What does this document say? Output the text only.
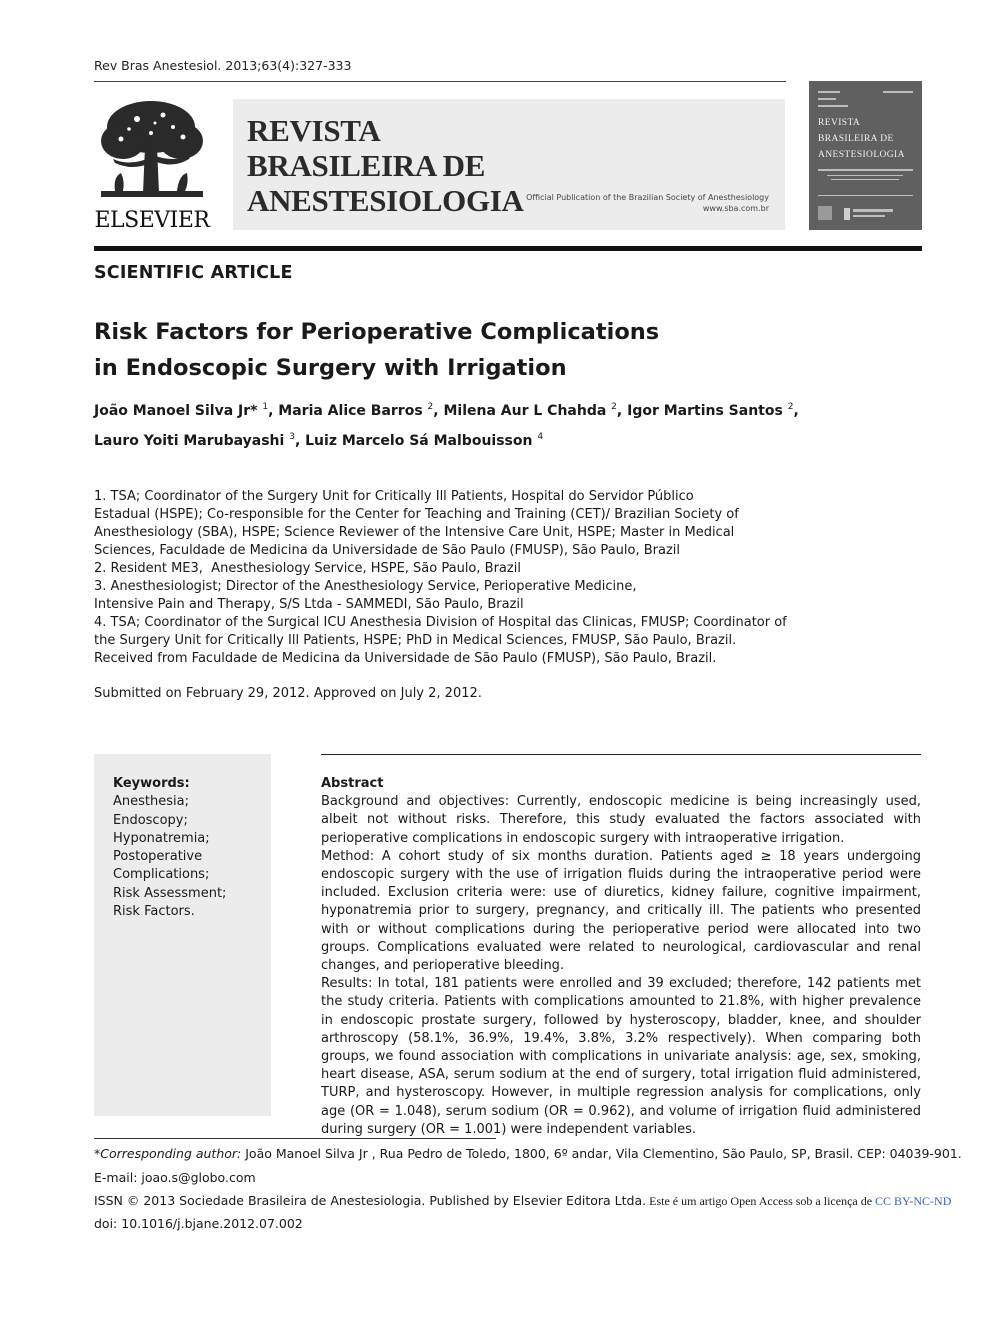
Rev Bras Anestesiol. 2013;63(4):327-333
ELSEVIER
REVISTA
BRASILEIRA DE
ANESTESIOLOGIA Official Publication of the Brazilian Society of Anesthesiology
www.sba.com.br
REVISTA
BRASILEIRA DE
ANESTESIOLOGIA
SCIENTIFIC ARTICLE
Risk Factors for Perioperative Complications
in Endoscopic Surgery with Irrigation
João Manoel Silva Jr* $^1$, Maria Alice Barros $^2$, Milena Aur L Chahda $^2$, Igor Martins Santos $^2$,
Lauro Yoiti Marubayashi $^3$, Luiz Marcelo Sá Malbouisson $^4$
1. TSA; Coordinator of the Surgery Unit for Critically Ill Patients, Hospital do Servidor Público
Estadual (HSPE); Co-responsible for the Center for Teaching and Training (CET)/ Brazilian Society of
Anesthesiology (SBA), HSPE; Science Reviewer of the Intensive Care Unit, HSPE; Master in Medical
Sciences, Faculdade de Medicina da Universidade de São Paulo (FMUSP), São Paulo, Brazil
2. Resident ME3,  Anesthesiology Service, HSPE, São Paulo, Brazil
3. Anesthesiologist; Director of the Anesthesiology Service, Perioperative Medicine,
Intensive Pain and Therapy, S/S Ltda - SAMMEDI, São Paulo, Brazil
4. TSA; Coordinator of the Surgical ICU Anesthesia Division of Hospital das Clinicas, FMUSP; Coordinator of
the Surgery Unit for Critically Ill Patients, HSPE; PhD in Medical Sciences, FMUSP, São Paulo, Brazil.
Received from Faculdade de Medicina da Universidade de São Paulo (FMUSP), São Paulo, Brazil.
Submitted on February 29, 2012. Approved on July 2, 2012.
Keywords:
Anesthesia;
Endoscopy;
Hyponatremia;
Postoperative
Complications;
Risk Assessment;
Risk Factors.
Abstract

Background and objectives: Currently, endoscopic medicine is being increasingly used, albeit not without risks. Therefore, this study evaluated the factors associated with perioperative complications in endoscopic surgery with intraoperative irrigation.

Method: A cohort study of six months duration. Patients aged ≥ 18 years undergoing endoscopic surgery with the use of irrigation fluids during the intraoperative period were included. Exclusion criteria were: use of diuretics, kidney failure, cognitive impairment, hyponatremia prior to surgery, pregnancy, and critically ill. The patients who presented with or without complications during the perioperative period were allocated into two groups. Complications evaluated were related to neurological, cardiovascular and renal changes, and perioperative bleeding.

Results: In total, 181 patients were enrolled and 39 excluded; therefore, 142 patients met the study criteria. Patients with complications amounted to 21.8%, with higher prevalence in endoscopic prostate surgery, followed by hysteroscopy, bladder, knee, and shoulder arthroscopy (58.1%, 36.9%, 19.4%, 3.8%, 3.2% respectively). When comparing both groups, we found association with complications in univariate analysis: age, sex, smoking, heart disease, ASA, serum sodium at the end of surgery, total irrigation fluid administered, TURP, and hysteroscopy. However, in multiple regression analysis for complications, only age (OR = 1.048), serum sodium (OR = 0.962), and volume of irrigation fluid administered during surgery (OR = 1.001) were independent variables.

*Corresponding author: João Manoel Silva Jr , Rua Pedro de Toledo, 1800, 6º andar, Vila Clementino, São Paulo, SP, Brasil. CEP: 04039-901.
E-mail: joao.s@globo.com
ISSN © 2013 Sociedade Brasileira de Anestesiologia. Published by Elsevier Editora Ltda. Este é um artigo Open Access sob a licença de CC BY-NC-ND
doi: 10.1016/j.bjane.2012.07.002
